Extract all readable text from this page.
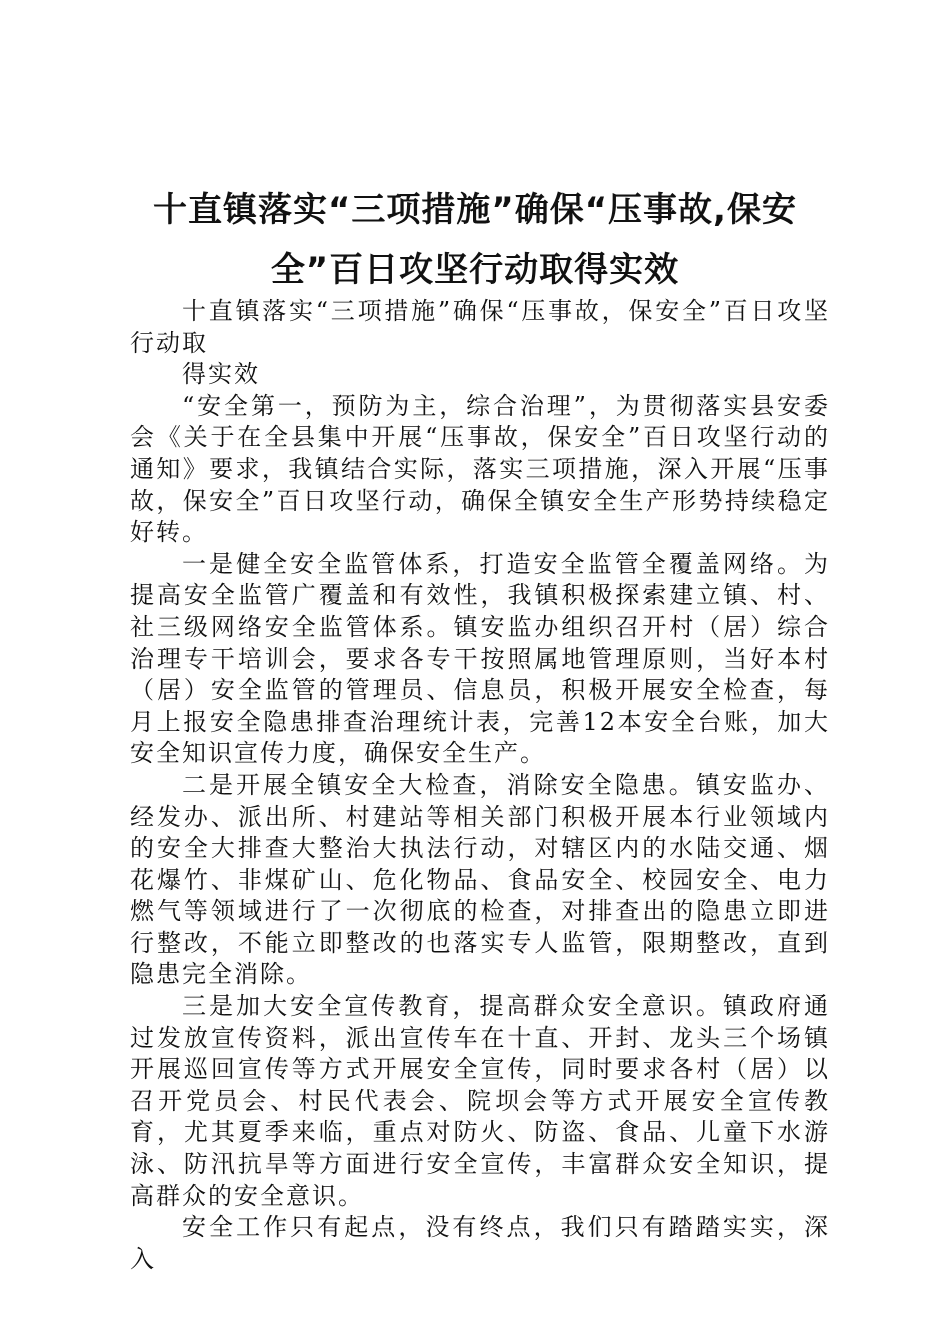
十直镇落实“三项措施”确保“压事故,保安全”百日攻坚行动取得实效

十直镇落实“三项措施”确保“压事故，保安全”百日攻坚行动取

得实效

“安全第一，预防为主，综合治理”，为贯彻落实县安委会《关于在全县集中开展“压事故，保安全”百日攻坚行动的通知》要求，我镇结合实际，落实三项措施，深入开展“压事故，保安全”百日攻坚行动，确保全镇安全生产形势持续稳定好转。

一是健全安全监管体系，打造安全监管全覆盖网络。为提高安全监管广覆盖和有效性，我镇积极探索建立镇、村、社三级网络安全监管体系。镇安监办组织召开村（居）综合治理专干培训会，要求各专干按照属地管理原则，当好本村（居）安全监管的管理员、信息员，积极开展安全检查，每月上报安全隐患排查治理统计表，完善12本安全台账，加大安全知识宣传力度，确保安全生产。

二是开展全镇安全大检查，消除安全隐患。镇安监办、经发办、派出所、村建站等相关部门积极开展本行业领域内的安全大排查大整治大执法行动，对辖区内的水陆交通、烟花爆竹、非煤矿山、危化物品、食品安全、校园安全、电力燃气等领域进行了一次彻底的检查，对排查出的隐患立即进行整改，不能立即整改的也落实专人监管，限期整改，直到隐患完全消除。

三是加大安全宣传教育，提高群众安全意识。镇政府通过发放宣传资料，派出宣传车在十直、开封、龙头三个场镇开展巡回宣传等方式开展安全宣传，同时要求各村（居）以召开党员会、村民代表会、院坝会等方式开展安全宣传教育，尤其夏季来临，重点对防火、防盗、食品、儿童下水游泳、防汛抗旱等方面进行安全宣传，丰富群众安全知识，提高群众的安全意识。

安全工作只有起点，没有终点，我们只有踏踏实实，深入
